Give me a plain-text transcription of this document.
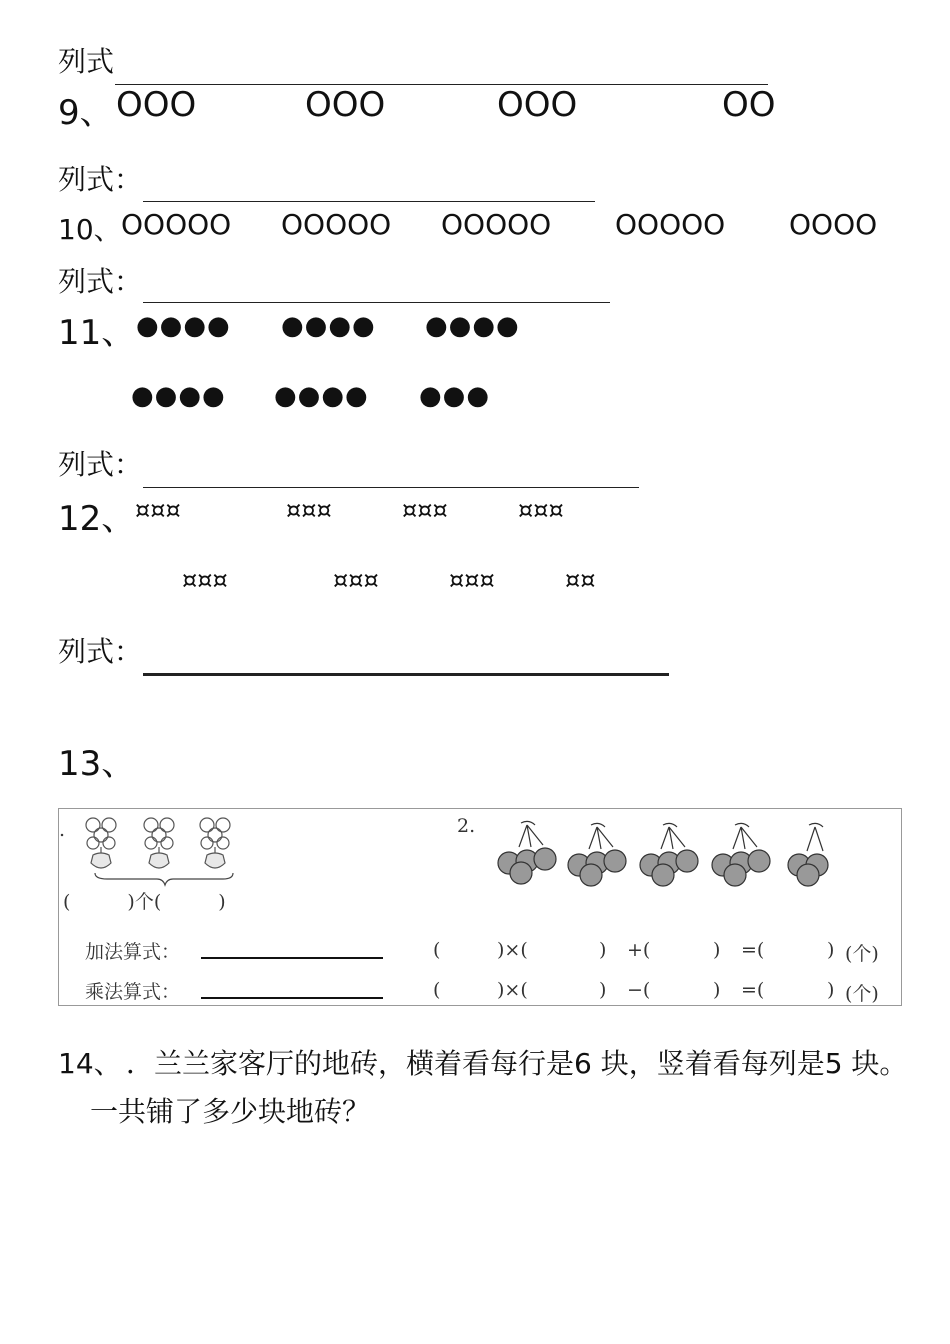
列式
9、 OOO	OOO	OOO	OO
列式：
10、 OOOOO OOOOO OOOOO OOOOO OOOO
列式：
11、 ●●●● ●●●● ●●●●
●●●● ●●●● ●●●
列式：
12、 ¤¤¤	¤¤¤	¤¤¤	¤¤¤
¤¤¤	¤¤¤	¤¤¤	¤¤
列式：
13、
.
(　　　)个(　　　)
2.
加法算式：
乘法算式：
(	)×(	) +(	) =(	) (个)
(	)×(	) −(	) =(	) (个)
14、 ．兰兰家客厅的地砖，横着看每行是6 块，竖着看每列是5 块。
一共铺了多少块地砖？
